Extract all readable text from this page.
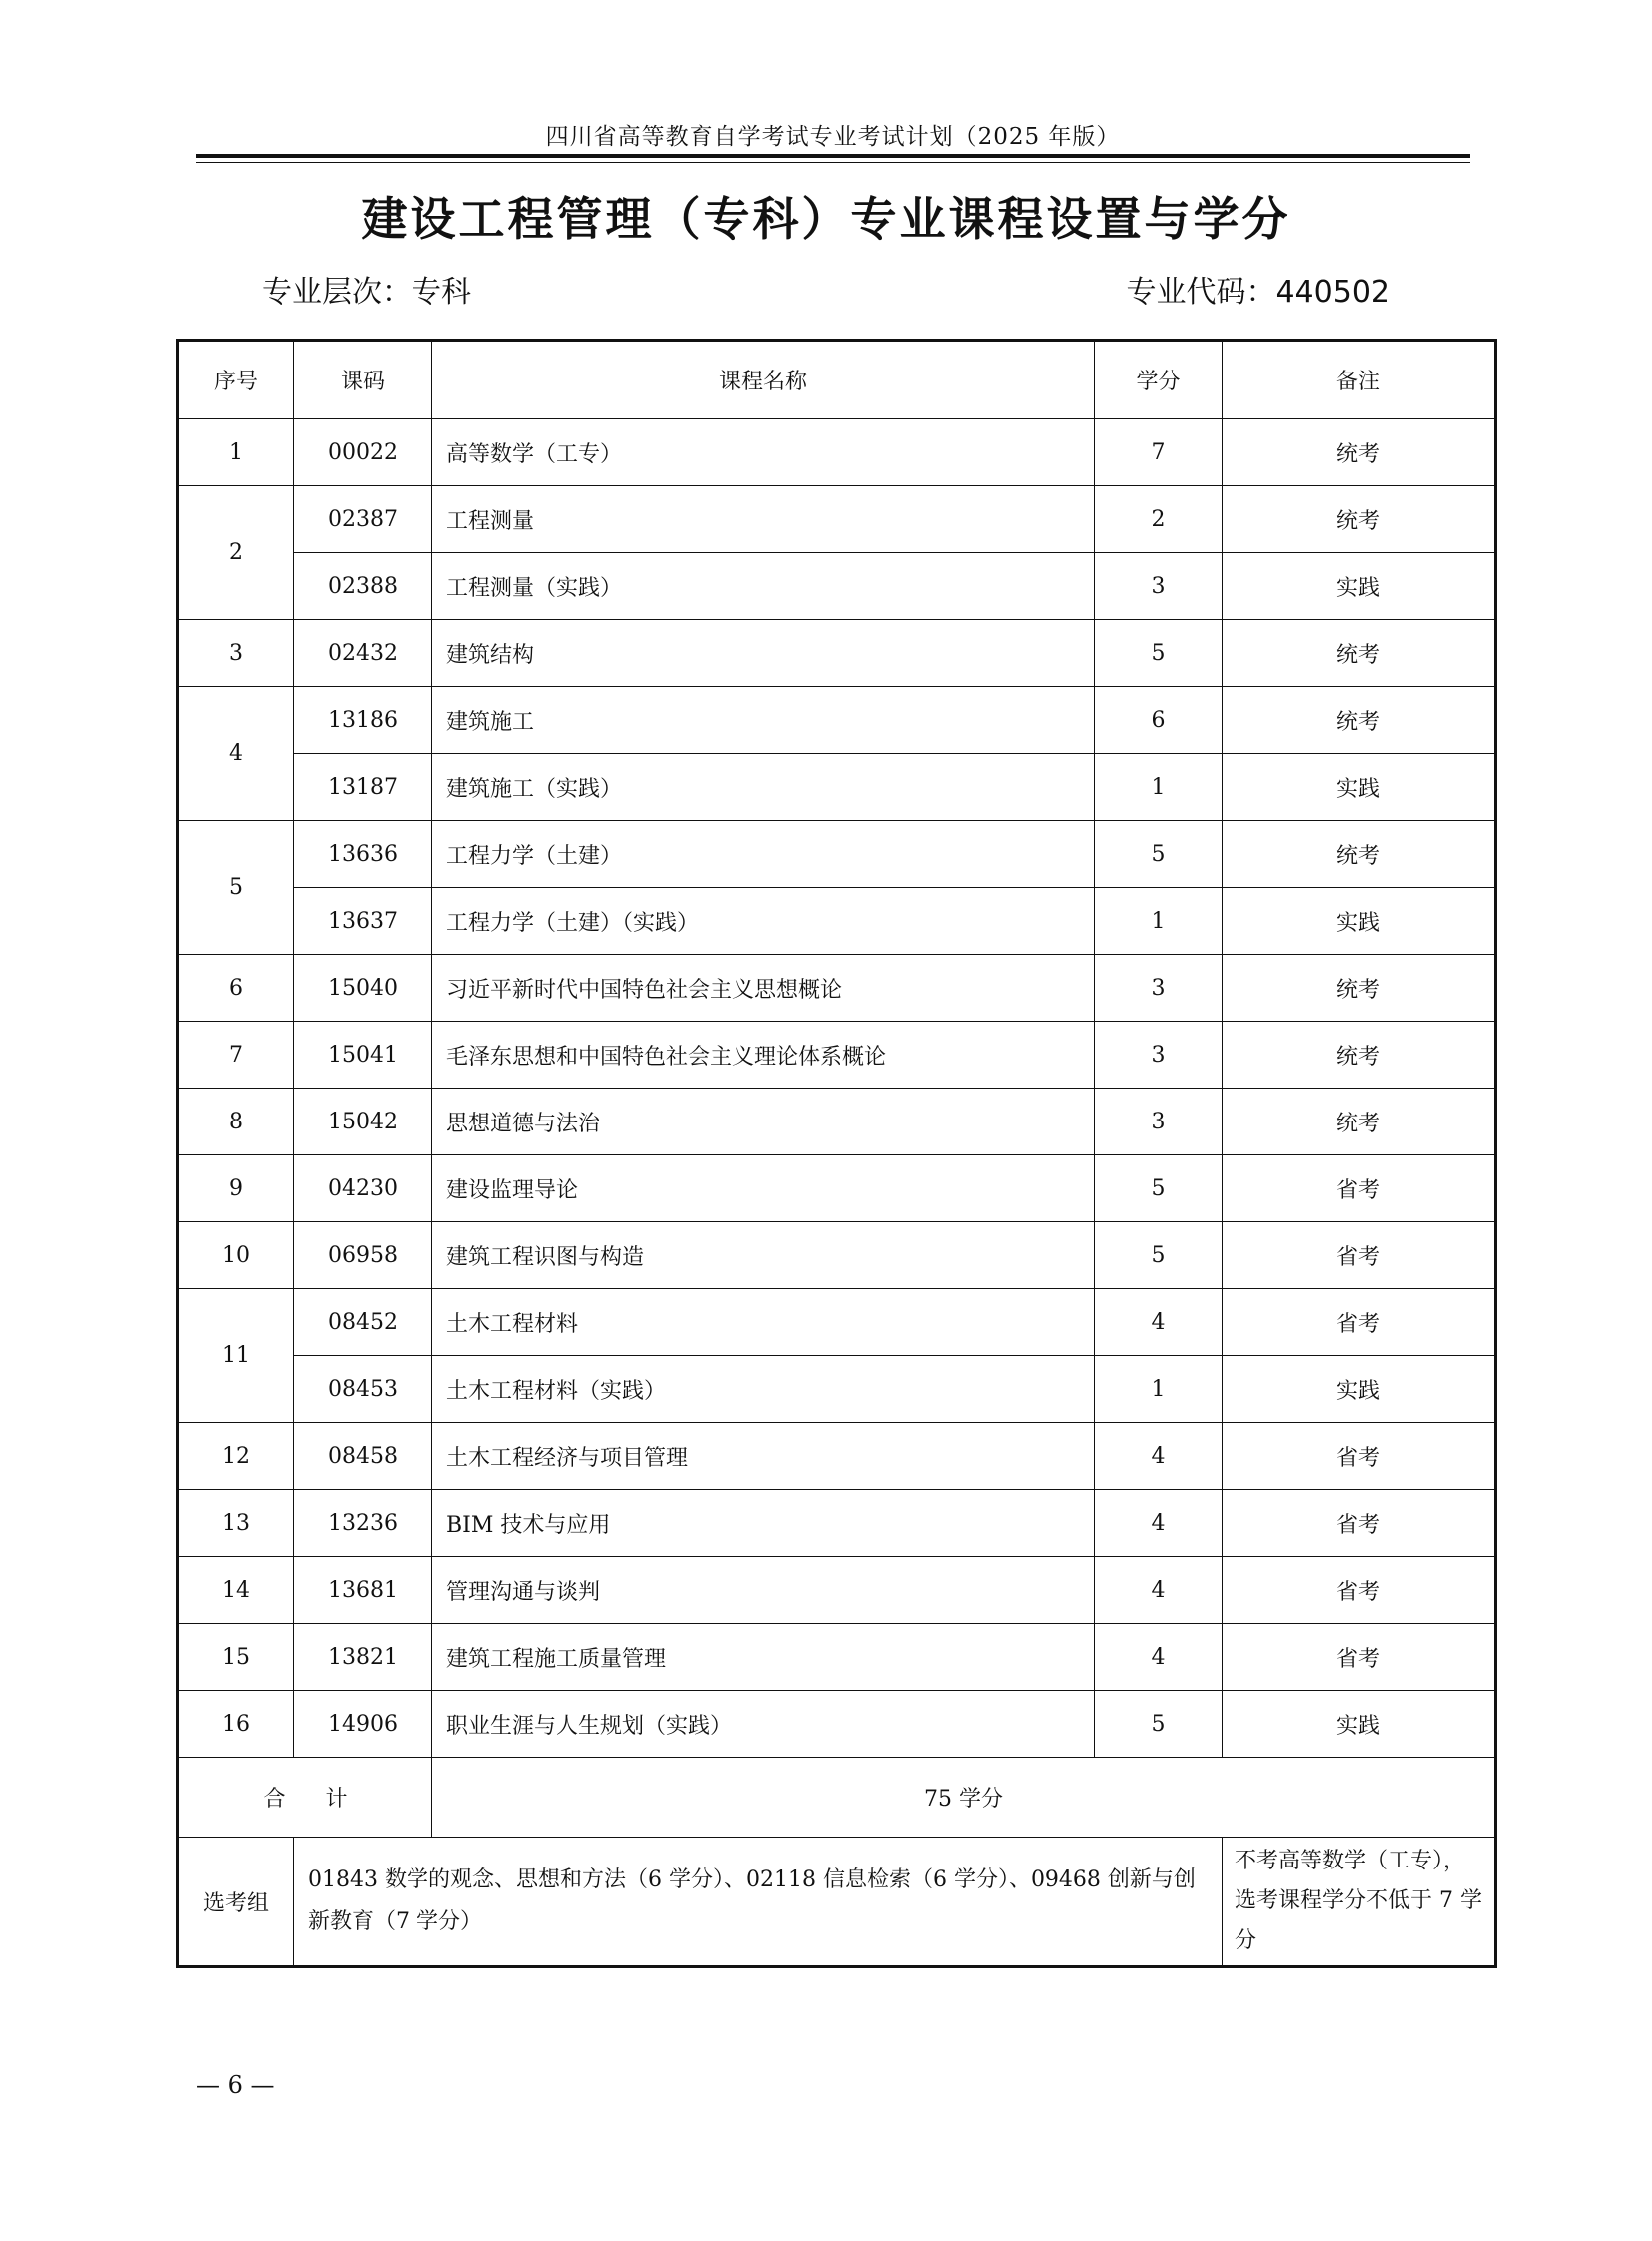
四川省高等教育自学考试专业考试计划（2025 年版）
建设工程管理（专科）专业课程设置与学分
专业层次：专科	专业代码：440502
序号	课码	课程名称	学分	备注
1	00022	高等数学（工专）	7	统考
2	02387	工程测量	2	统考
	02388	工程测量（实践）	3	实践
3	02432	建筑结构	5	统考
4	13186	建筑施工	6	统考
	13187	建筑施工（实践）	1	实践
5	13636	工程力学（土建）	5	统考
	13637	工程力学（土建）（实践）	1	实践
6	15040	习近平新时代中国特色社会主义思想概论	3	统考
7	15041	毛泽东思想和中国特色社会主义理论体系概论	3	统考
8	15042	思想道德与法治	3	统考
9	04230	建设监理导论	5	省考
10	06958	建筑工程识图与构造	5	省考
11	08452	土木工程材料	4	省考
	08453	土木工程材料（实践）	1	实践
12	08458	土木工程经济与项目管理	4	省考
13	13236	BIM 技术与应用	4	省考
14	13681	管理沟通与谈判	4	省考
15	13821	建筑工程施工质量管理	4	省考
16	14906	职业生涯与人生规划（实践）	5	实践
合计		75 学分		
选考组	01843 数学的观念、思想和方法（6 学分）、02118 信息检索（6 学分）、09468 创新与创新教育（7 学分）			不考高等数学（工专），选考课程学分不低于 7 学分
— 6 —
